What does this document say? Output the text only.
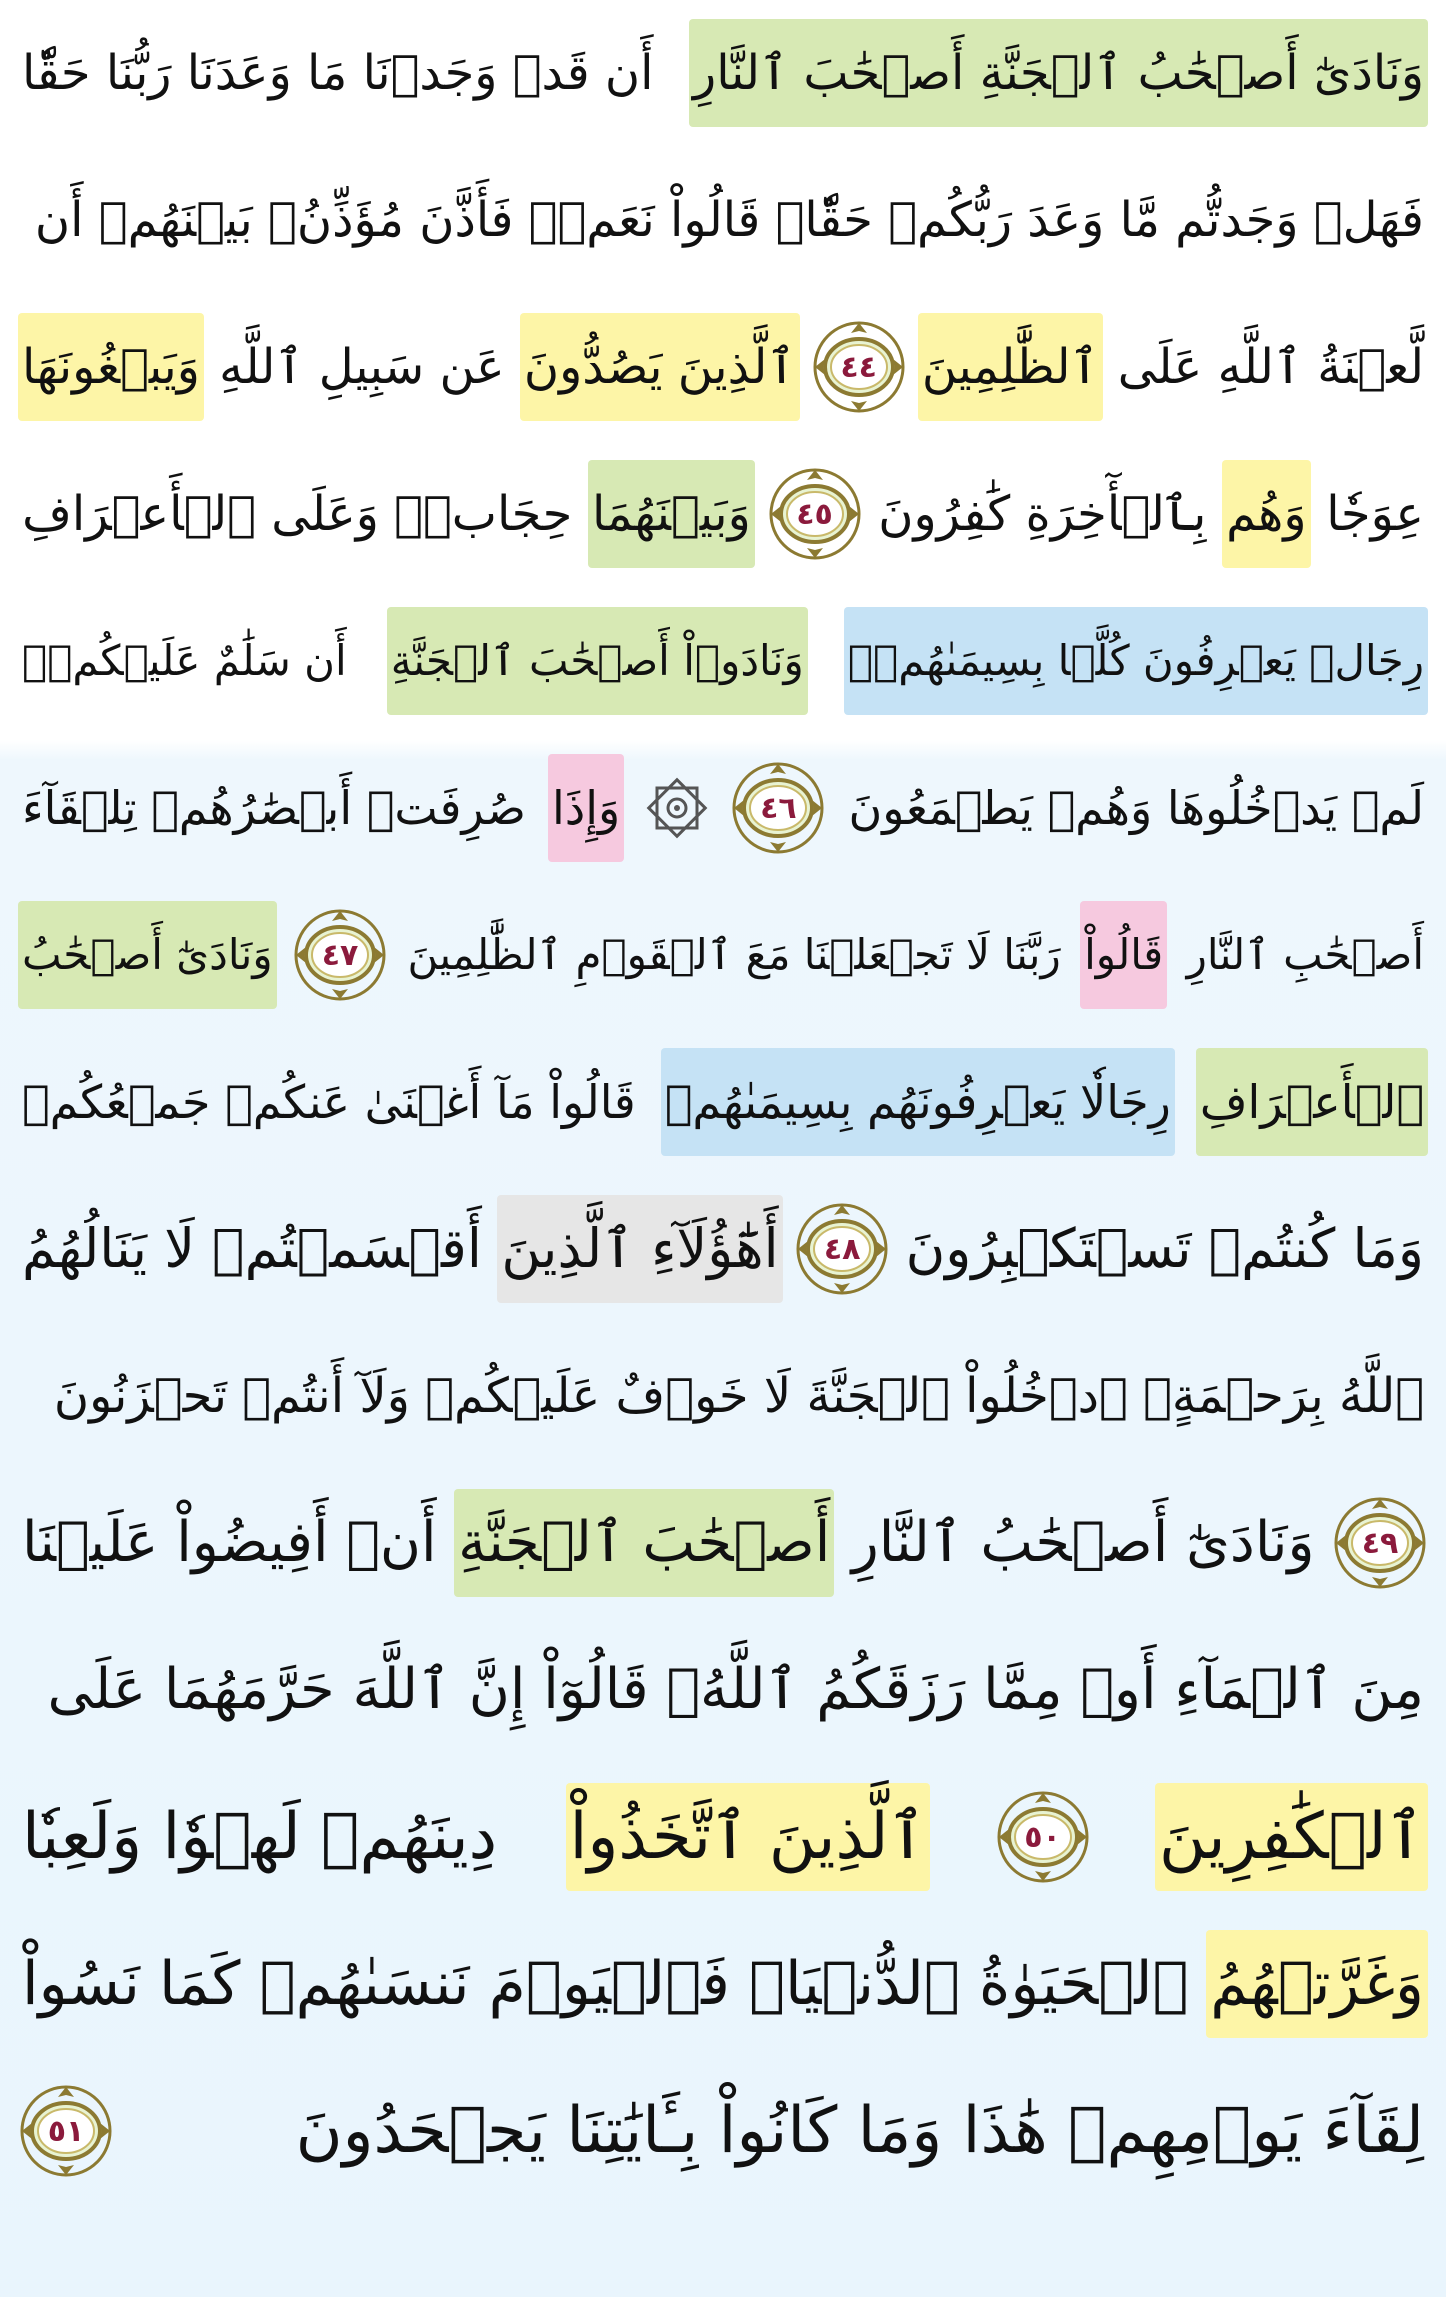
وَنَادَىٰٓ أَصۡحَٰبُ ٱلۡجَنَّةِ أَصۡحَٰبَ ٱلنَّارِ
أَن قَدۡ وَجَدۡنَا مَا وَعَدَنَا رَبُّنَا حَقّٗا
فَهَلۡ وَجَدتُّم مَّا وَعَدَ رَبُّكُمۡ حَقّٗاۖ قَالُواْ نَعَمۡۚ فَأَذَّنَ مُؤَذِّنُۢ بَيۡنَهُمۡ أَن
لَّعۡنَةُ ٱللَّهِ عَلَى
ٱلظَّٰلِمِينَ
٤٤
ٱلَّذِينَ يَصُدُّونَ
عَن سَبِيلِ ٱللَّهِ
وَيَبۡغُونَهَا
عِوَجٗا
وَهُم
بِٱلۡأٓخِرَةِ كَٰفِرُونَ
٤٥
وَبَيۡنَهُمَا
حِجَابٞۚ وَعَلَى ٱلۡأَعۡرَافِ
رِجَالٞ يَعۡرِفُونَ كُلَّۢا بِسِيمَىٰهُمۡۚ
وَنَادَوۡاْ أَصۡحَٰبَ ٱلۡجَنَّةِ
أَن سَلَٰمٌ عَلَيۡكُمۡۚ
لَمۡ يَدۡخُلُوهَا وَهُمۡ يَطۡمَعُونَ
٤٦
وَإِذَا
صُرِفَتۡ أَبۡصَٰرُهُمۡ تِلۡقَآءَ
أَصۡحَٰبِ ٱلنَّارِ
قَالُواْ
رَبَّنَا لَا تَجۡعَلۡنَا مَعَ ٱلۡقَوۡمِ ٱلظَّٰلِمِينَ
٤٧
وَنَادَىٰٓ أَصۡحَٰبُ
ٱلۡأَعۡرَافِ
رِجَالٗا يَعۡرِفُونَهُم بِسِيمَىٰهُمۡ
قَالُواْ مَآ أَغۡنَىٰ عَنكُمۡ جَمۡعُكُمۡ
وَمَا كُنتُمۡ تَسۡتَكۡبِرُونَ
٤٨
أَهَٰٓؤُلَآءِ ٱلَّذِينَ
أَقۡسَمۡتُمۡ لَا يَنَالُهُمُ
ٱللَّهُ بِرَحۡمَةٍۚ ٱدۡخُلُواْ ٱلۡجَنَّةَ لَا خَوۡفٌ عَلَيۡكُمۡ وَلَآ أَنتُمۡ تَحۡزَنُونَ
٤٩
وَنَادَىٰٓ أَصۡحَٰبُ ٱلنَّارِ
أَصۡحَٰبَ ٱلۡجَنَّةِ
أَنۡ أَفِيضُواْ عَلَيۡنَا
مِنَ ٱلۡمَآءِ أَوۡ مِمَّا رَزَقَكُمُ ٱللَّهُۚ قَالُوٓاْ إِنَّ ٱللَّهَ حَرَّمَهُمَا عَلَى
ٱلۡكَٰفِرِينَ
٥٠
ٱلَّذِينَ ٱتَّخَذُواْ
دِينَهُمۡ لَهۡوٗا وَلَعِبٗا
وَغَرَّتۡهُمُ
ٱلۡحَيَوٰةُ ٱلدُّنۡيَاۚ فَٱلۡيَوۡمَ نَنسَىٰهُمۡ كَمَا نَسُواْ
لِقَآءَ يَوۡمِهِمۡ هَٰذَا وَمَا كَانُواْ بِـَٔايَٰتِنَا يَجۡحَدُونَ
٥١
